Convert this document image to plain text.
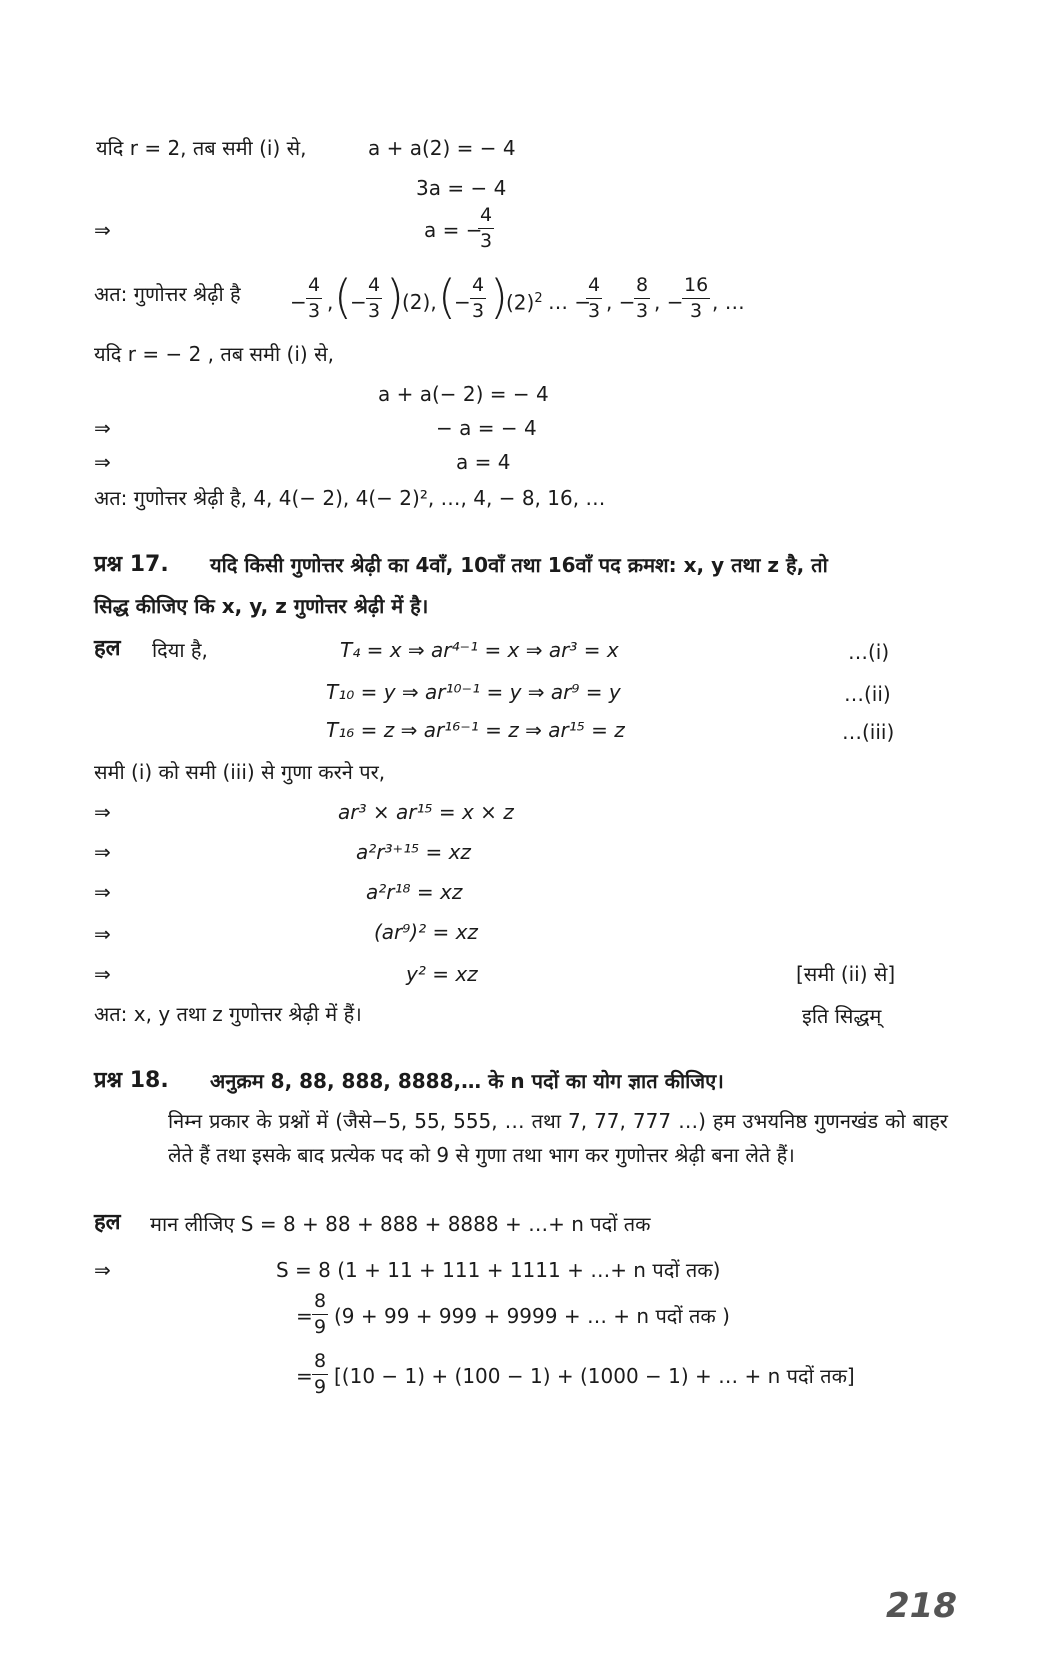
यदि r = 2, तब समी (i) से,	a + a(2) = − 4
3a = − 4
⇒	a = −
$\frac{4}{3}$
अत: गुणोत्तर श्रेढ़ी है − $\frac{4}{3}$ , (
− $\frac{4}{3}$ )
(2), (
− $\frac{4}{3}$ )
$(2)^2$ … −
$\frac{4}{3}$ , −
$\frac{8}{3}$ , −
$\frac{16}{3}$ , …
यदि r = − 2 , तब समी (i) से,
a + a(− 2) = − 4
⇒	− a = − 4
⇒	a = 4
अत: गुणोत्तर श्रेढ़ी है, 4, 4(− 2), 4(− 2)², …, 4, − 8, 16, …
प्रश्न 17. यदि किसी गुणोत्तर श्रेढ़ी का 4वाँ, 10वाँ तथा 16वाँ पद क्रमश: x, y तथा z है, तो
सिद्ध कीजिए कि x, y, z गुणोत्तर श्रेढ़ी में है।
हल दिया है,	T₄ = x ⇒ ar⁴⁻¹ = x ⇒ ar³ = x	…(i)
T₁₀ = y ⇒ ar¹⁰⁻¹ = y ⇒ ar⁹ = y	…(ii)
T₁₆ = z ⇒ ar¹⁶⁻¹ = z ⇒ ar¹⁵ = z	…(iii)
समी (i) को समी (iii) से गुणा करने पर,
⇒	ar³ × ar¹⁵ = x × z
⇒	a²r³⁺¹⁵ = xz
⇒	a²r¹⁸ = xz
⇒	(ar⁹)² = xz
⇒	y² = xz	[समी (ii) से]
अत: x, y तथा z गुणोत्तर श्रेढ़ी में हैं।	इति सिद्धम्
प्रश्न 18. अनुक्रम 8, 88, 888, 8888,… के n पदों का योग ज्ञात कीजिए।
निम्न प्रकार के प्रश्नों में (जैसे−5, 55, 555, … तथा 7, 77, 777 …) हम उभयनिष्ठ गुणनखंड को बाहर लेते हैं तथा इसके बाद प्रत्येक पद को 9 से गुणा तथा भाग कर गुणोत्तर श्रेढ़ी बना लेते हैं।
हल मान लीजिए S = 8 + 88 + 888 + 8888 + …+ n पदों तक
⇒	S = 8 (1 + 11 + 111 + 1111 + …+ n पदों तक)
= $\frac{8}{9} (9 + 99 + 999 + 9999$ + … + n पदों तक )
= $\frac{8}{9} [(10 - 1) + (100 - 1) + (1000 - 1)$ + … + n पदों तक]
218
